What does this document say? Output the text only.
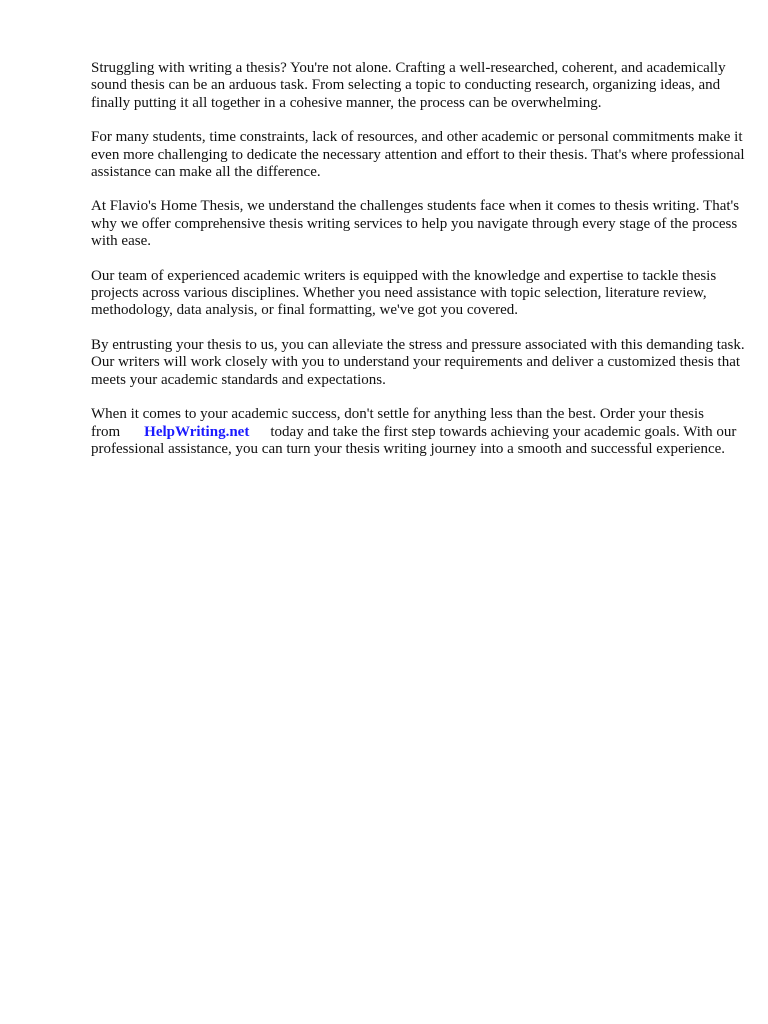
Struggling with writing a thesis? You're not alone. Crafting a well-researched, coherent, and academically sound thesis can be an arduous task. From selecting a topic to conducting research, organizing ideas, and finally putting it all together in a cohesive manner, the process can be overwhelming.

For many students, time constraints, lack of resources, and other academic or personal commitments make it even more challenging to dedicate the necessary attention and effort to their thesis. That's where professional assistance can make all the difference.

At Flavio's Home Thesis, we understand the challenges students face when it comes to thesis writing. That's why we offer comprehensive thesis writing services to help you navigate through every stage of the process with ease.

Our team of experienced academic writers is equipped with the knowledge and expertise to tackle thesis projects across various disciplines. Whether you need assistance with topic selection, literature review, methodology, data analysis, or final formatting, we've got you covered.

By entrusting your thesis to us, you can alleviate the stress and pressure associated with this demanding task. Our writers will work closely with you to understand your requirements and deliver a customized thesis that meets your academic standards and expectations.

When it comes to your academic success, don't settle for anything less than the best. Order your thesis from HelpWriting.net today and take the first step towards achieving your academic goals. With our professional assistance, you can turn your thesis writing journey into a smooth and successful experience.
